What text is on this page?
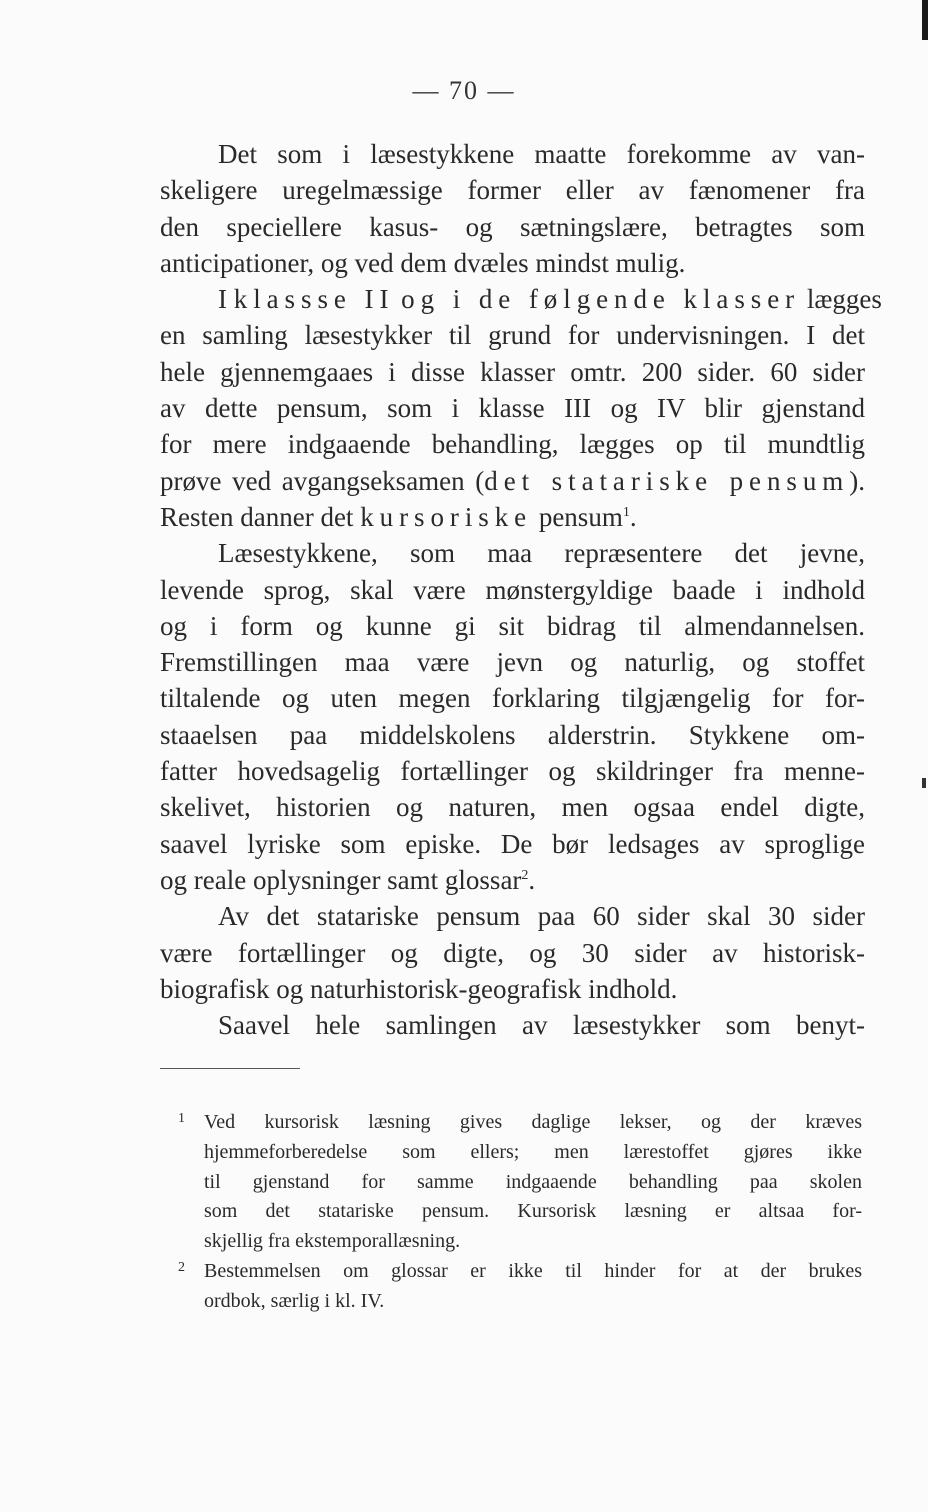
— 70 —
Det som i læsestykkene maatte forekomme av van-
skeligere uregelmæssige former eller av fænomener fra
den speciellere kasus- og sætningslære, betragtes som
anticipationer, og ved dem dvæles mindst mulig.
I klassse II og i de følgende klasser lægges
en samling læsestykker til grund for undervisningen. I det
hele gjennemgaaes i disse klasser omtr. 200 sider. 60 sider
av dette pensum, som i klasse III og IV blir gjenstand
for mere indgaaende behandling, lægges op til mundtlig
prøve ved avgangseksamen (det statariske pensum).
Resten danner det kursoriske pensum$^1$.
Læsestykkene, som maa repræsentere det jevne,
levende sprog, skal være mønstergyldige baade i indhold
og i form og kunne gi sit bidrag til almendannelsen.
Fremstillingen maa være jevn og naturlig, og stoffet
tiltalende og uten megen forklaring tilgjængelig for for-
staaelsen paa middelskolens alderstrin. Stykkene om-
fatter hovedsagelig fortællinger og skildringer fra menne-
skelivet, historien og naturen, men ogsaa endel digte,
saavel lyriske som episke. De bør ledsages av sproglige
og reale oplysninger samt glossar$^2$.
Av det statariske pensum paa 60 sider skal 30 sider
være fortællinger og digte, og 30 sider av historisk-
biografisk og naturhistorisk-geografisk indhold.
Saavel hele samlingen av læsestykker som benyt-
1 Ved kursorisk læsning gives daglige lekser, og der kræves
hjemmeforberedelse som ellers; men lærestoffet gjøres ikke
til gjenstand for samme indgaaende behandling paa skolen
som det statariske pensum. Kursorisk læsning er altsaa for-
skjellig fra ekstemporallæsning.
2 Bestemmelsen om glossar er ikke til hinder for at der brukes
ordbok, særlig i kl. IV.
